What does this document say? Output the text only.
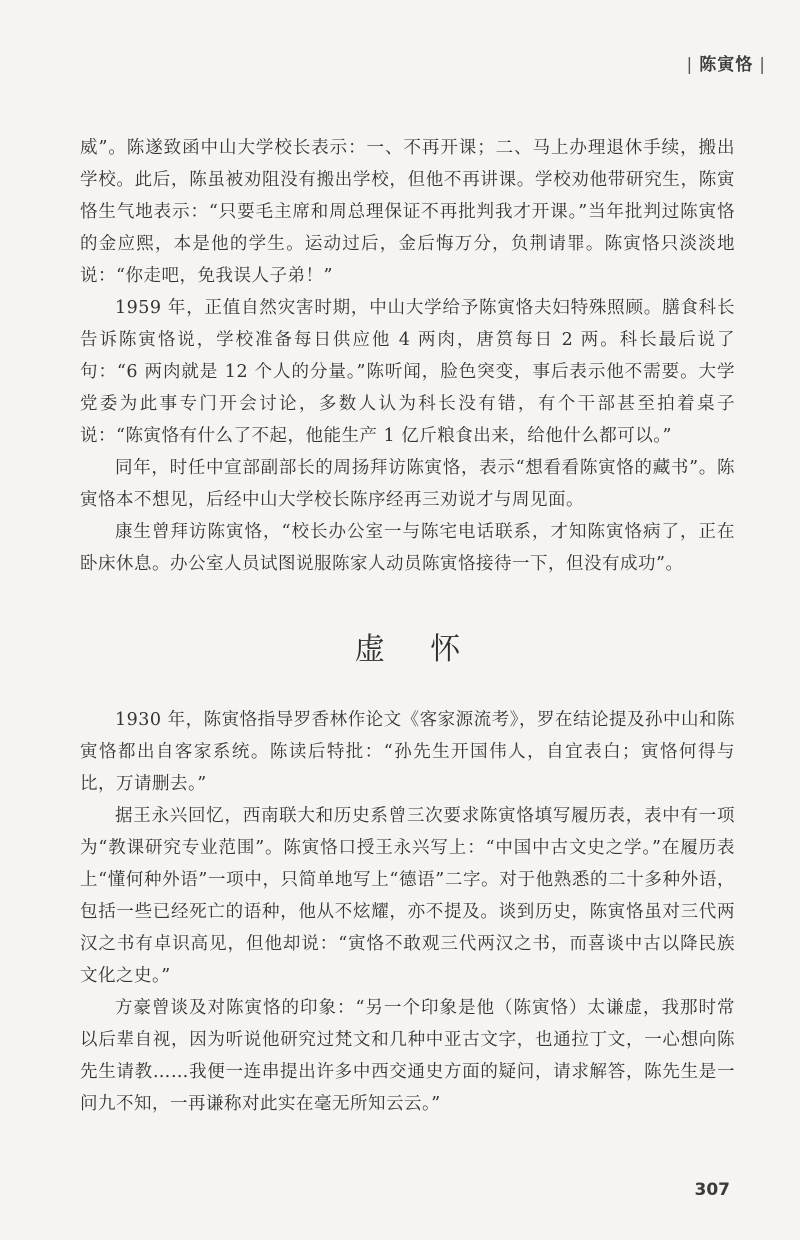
| 陈寅恪 |

威”。陈遂致函中山大学校长表示：一、不再开课；二、马上办理退休手续，搬出学校。此后，陈虽被劝阻没有搬出学校，但他不再讲课。学校劝他带研究生，陈寅恪生气地表示：“只要毛主席和周总理保证不再批判我才开课。”当年批判过陈寅恪的金应熙，本是他的学生。运动过后，金后悔万分，负荆请罪。陈寅恪只淡淡地说：“你走吧，免我误人子弟！”

1959 年，正值自然灾害时期，中山大学给予陈寅恪夫妇特殊照顾。膳食科长告诉陈寅恪说，学校准备每日供应他 4 两肉，唐筼每日 2 两。科长最后说了句：“6 两肉就是 12 个人的分量。”陈听闻，脸色突变，事后表示他不需要。大学党委为此事专门开会讨论，多数人认为科长没有错，有个干部甚至拍着桌子说：“陈寅恪有什么了不起，他能生产 1 亿斤粮食出来，给他什么都可以。”

同年，时任中宣部副部长的周扬拜访陈寅恪，表示“想看看陈寅恪的藏书”。陈寅恪本不想见，后经中山大学校长陈序经再三劝说才与周见面。

康生曾拜访陈寅恪，“校长办公室一与陈宅电话联系，才知陈寅恪病了，正在卧床休息。办公室人员试图说服陈家人动员陈寅恪接待一下，但没有成功”。

虚 怀

1930 年，陈寅恪指导罗香林作论文《客家源流考》，罗在结论提及孙中山和陈寅恪都出自客家系统。陈读后特批：“孙先生开国伟人，自宜表白；寅恪何得与比，万请删去。”

据王永兴回忆，西南联大和历史系曾三次要求陈寅恪填写履历表，表中有一项为“教课研究专业范围”。陈寅恪口授王永兴写上：“中国中古文史之学。”在履历表上“懂何种外语”一项中，只简单地写上“德语”二字。对于他熟悉的二十多种外语，包括一些已经死亡的语种，他从不炫耀，亦不提及。谈到历史，陈寅恪虽对三代两汉之书有卓识高见，但他却说：“寅恪不敢观三代两汉之书，而喜谈中古以降民族文化之史。”

方豪曾谈及对陈寅恪的印象：“另一个印象是他（陈寅恪）太谦虚，我那时常以后辈自视，因为听说他研究过梵文和几种中亚古文字，也通拉丁文，一心想向陈先生请教……我便一连串提出许多中西交通史方面的疑问，请求解答，陈先生是一问九不知，一再谦称对此实在毫无所知云云。”

307
